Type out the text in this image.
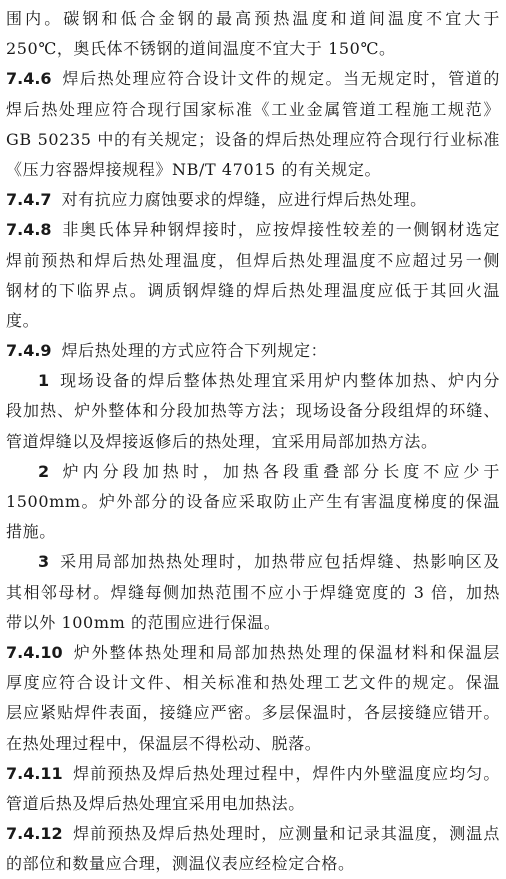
围内。碳钢和低合金钢的最高预热温度和道间温度不宜大于
250℃，奥氏体不锈钢的道间温度不宜大于 150℃。
7.4.6 焊后热处理应符合设计文件的规定。当无规定时，管道的
焊后热处理应符合现行国家标准《工业金属管道工程施工规范》
GB 50235 中的有关规定；设备的焊后热处理应符合现行行业标准
《压力容器焊接规程》NB/T 47015 的有关规定。
7.4.7 对有抗应力腐蚀要求的焊缝，应进行焊后热处理。
7.4.8 非奥氏体异种钢焊接时，应按焊接性较差的一侧钢材选定
焊前预热和焊后热处理温度，但焊后热处理温度不应超过另一侧
钢材的下临界点。调质钢焊缝的焊后热处理温度应低于其回火温
度。
7.4.9 焊后热处理的方式应符合下列规定：
1 现场设备的焊后整体热处理宜采用炉内整体加热、炉内分
段加热、炉外整体和分段加热等方法；现场设备分段组焊的环缝、
管道焊缝以及焊接返修后的热处理，宜采用局部加热方法。
2 炉内分段加热时，加热各段重叠部分长度不应少于
1500mm。炉外部分的设备应采取防止产生有害温度梯度的保温
措施。
3 采用局部加热热处理时，加热带应包括焊缝、热影响区及
其相邻母材。焊缝每侧加热范围不应小于焊缝宽度的 3 倍，加热
带以外 100mm 的范围应进行保温。
7.4.10 炉外整体热处理和局部加热热处理的保温材料和保温层
厚度应符合设计文件、相关标准和热处理工艺文件的规定。保温
层应紧贴焊件表面，接缝应严密。多层保温时，各层接缝应错开。
在热处理过程中，保温层不得松动、脱落。
7.4.11 焊前预热及焊后热处理过程中，焊件内外壁温度应均匀。
管道后热及焊后热处理宜采用电加热法。
7.4.12 焊前预热及焊后热处理时，应测量和记录其温度，测温点
的部位和数量应合理，测温仪表应经检定合格。
